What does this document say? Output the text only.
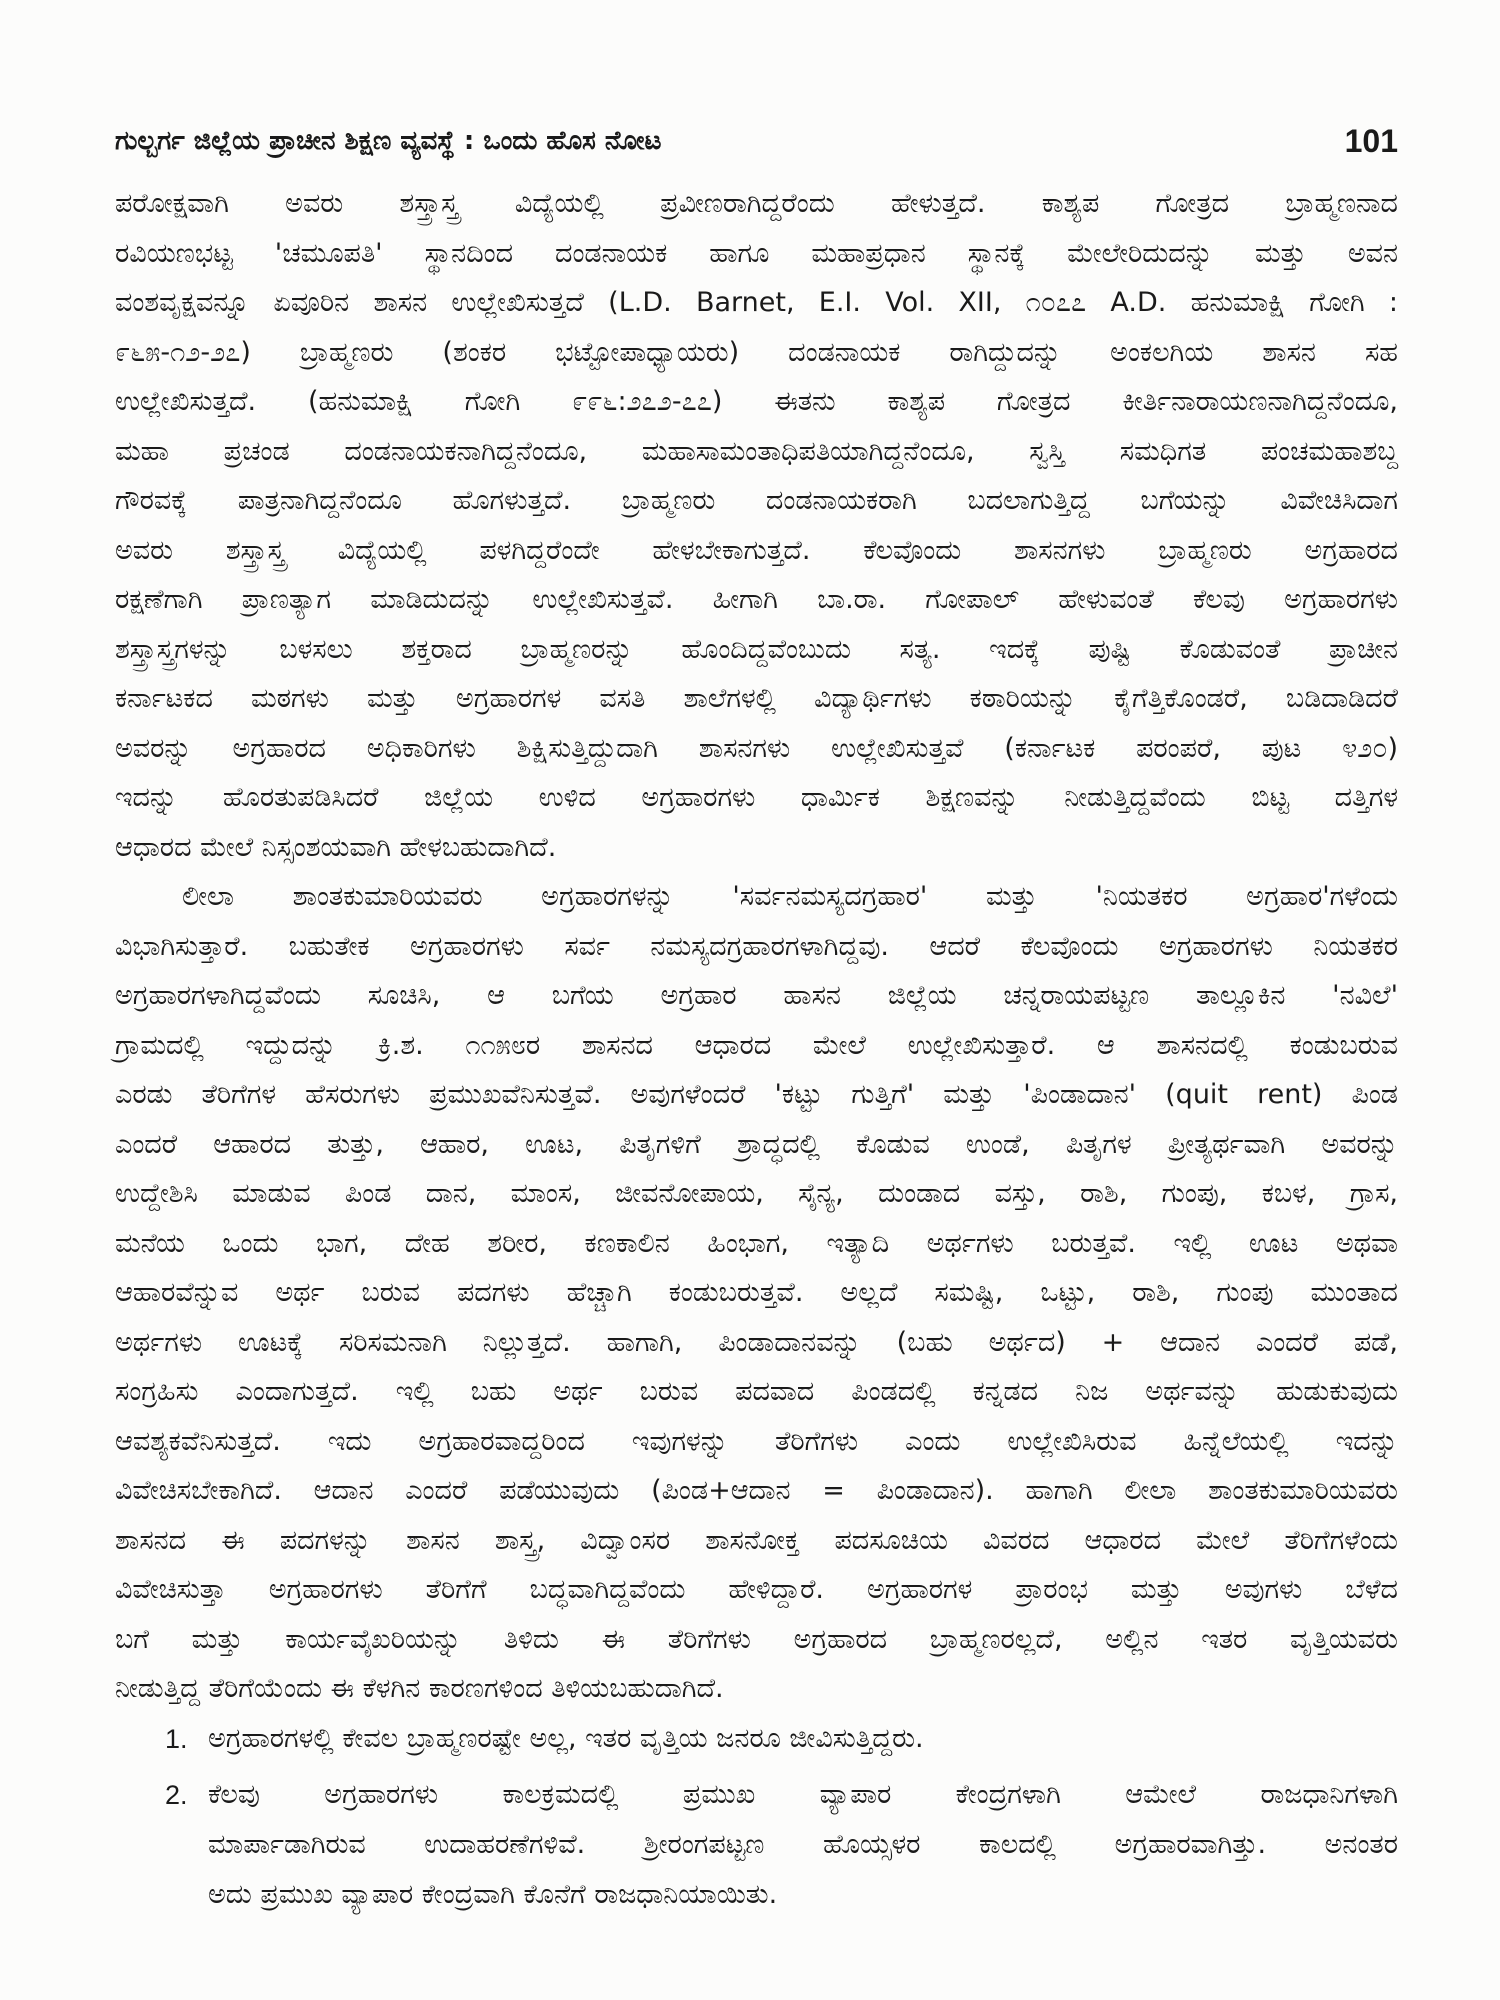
ಗುಲ್ಬರ್ಗ ಜಿಲ್ಲೆಯ ಪ್ರಾಚೀನ ಶಿಕ್ಷಣ ವ್ಯವಸ್ಥೆ : ಒಂದು ಹೊಸ ನೋಟ	101
ಪರೋಕ್ಷವಾಗಿ ಅವರು ಶಸ್ತ್ರಾಸ್ತ್ರ ವಿದ್ಯೆಯಲ್ಲಿ ಪ್ರವೀಣರಾಗಿದ್ದರೆಂದು ಹೇಳುತ್ತದೆ. ಕಾಶ್ಯಪ ಗೋತ್ರದ ಬ್ರಾಹ್ಮಣನಾದ
ರವಿಯಣಭಟ್ಟ 'ಚಮೂಪತಿ' ಸ್ಥಾನದಿಂದ ದಂಡನಾಯಕ ಹಾಗೂ ಮಹಾಪ್ರಧಾನ ಸ್ಥಾನಕ್ಕೆ ಮೇಲೇರಿದುದನ್ನು ಮತ್ತು ಅವನ
ವಂಶವೃಕ್ಷವನ್ನೂ ಏವೂರಿನ ಶಾಸನ ಉಲ್ಲೇಖಿಸುತ್ತದೆ (L.D. Barnet, E.I. Vol. XII, ೧೦೭೭ A.D. ಹನುಮಾಕ್ಷಿ ಗೋಗಿ :
೯೬೫-೧೨-೨೭) ಬ್ರಾಹ್ಮಣರು (ಶಂಕರ ಭಟ್ಟೋಪಾಧ್ಯಾಯರು) ದಂಡನಾಯಕ ರಾಗಿದ್ದುದನ್ನು ಅಂಕಲಗಿಯ ಶಾಸನ ಸಹ
ಉಲ್ಲೇಖಿಸುತ್ತದೆ. (ಹನುಮಾಕ್ಷಿ ಗೋಗಿ ೯೯೬:೨೭೨-೭೭) ಈತನು ಕಾಶ್ಯಪ ಗೋತ್ರದ ಕೀರ್ತಿನಾರಾಯಣನಾಗಿದ್ದನೆಂದೂ,
ಮಹಾ ಪ್ರಚಂಡ ದಂಡನಾಯಕನಾಗಿದ್ದನೆಂದೂ, ಮಹಾಸಾಮಂತಾಧಿಪತಿಯಾಗಿದ್ದನೆಂದೂ, ಸ್ವಸ್ತಿ ಸಮಧಿಗತ ಪಂಚಮಹಾಶಬ್ದ
ಗೌರವಕ್ಕೆ ಪಾತ್ರನಾಗಿದ್ದನೆಂದೂ ಹೊಗಳುತ್ತದೆ. ಬ್ರಾಹ್ಮಣರು ದಂಡನಾಯಕರಾಗಿ ಬದಲಾಗುತ್ತಿದ್ದ ಬಗೆಯನ್ನು ವಿವೇಚಿಸಿದಾಗ
ಅವರು ಶಸ್ತ್ರಾಸ್ತ್ರ ವಿದ್ಯೆಯಲ್ಲಿ ಪಳಗಿದ್ದರೆಂದೇ ಹೇಳಬೇಕಾಗುತ್ತದೆ. ಕೆಲವೊಂದು ಶಾಸನಗಳು ಬ್ರಾಹ್ಮಣರು ಅಗ್ರಹಾರದ
ರಕ್ಷಣೆಗಾಗಿ ಪ್ರಾಣತ್ಯಾಗ ಮಾಡಿದುದನ್ನು ಉಲ್ಲೇಖಿಸುತ್ತವೆ. ಹೀಗಾಗಿ ಬಾ.ರಾ. ಗೋಪಾಲ್ ಹೇಳುವಂತೆ ಕೆಲವು ಅಗ್ರಹಾರಗಳು
ಶಸ್ತ್ರಾಸ್ತ್ರಗಳನ್ನು ಬಳಸಲು ಶಕ್ತರಾದ ಬ್ರಾಹ್ಮಣರನ್ನು ಹೊಂದಿದ್ದವೆಂಬುದು ಸತ್ಯ. ಇದಕ್ಕೆ ಪುಷ್ಟಿ ಕೊಡುವಂತೆ ಪ್ರಾಚೀನ
ಕರ್ನಾಟಕದ ಮಠಗಳು ಮತ್ತು ಅಗ್ರಹಾರಗಳ ವಸತಿ ಶಾಲೆಗಳಲ್ಲಿ ವಿದ್ಯಾರ್ಥಿಗಳು ಕಠಾರಿಯನ್ನು ಕೈಗೆತ್ತಿಕೊಂಡರೆ, ಬಡಿದಾಡಿದರೆ
ಅವರನ್ನು ಅಗ್ರಹಾರದ ಅಧಿಕಾರಿಗಳು ಶಿಕ್ಷಿಸುತ್ತಿದ್ದುದಾಗಿ ಶಾಸನಗಳು ಉಲ್ಲೇಖಿಸುತ್ತವೆ (ಕರ್ನಾಟಕ ಪರಂಪರೆ, ಪುಟ ೪೨೦)
ಇದನ್ನು ಹೊರತುಪಡಿಸಿದರೆ ಜಿಲ್ಲೆಯ ಉಳಿದ ಅಗ್ರಹಾರಗಳು ಧಾರ್ಮಿಕ ಶಿಕ್ಷಣವನ್ನು ನೀಡುತ್ತಿದ್ದವೆಂದು ಬಿಟ್ಟ ದತ್ತಿಗಳ
ಆಧಾರದ ಮೇಲೆ ನಿಸ್ಸಂಶಯವಾಗಿ ಹೇಳಬಹುದಾಗಿದೆ.
ಲೀಲಾ ಶಾಂತಕುಮಾರಿಯವರು ಅಗ್ರಹಾರಗಳನ್ನು 'ಸರ್ವನಮಸ್ಯದಗ್ರಹಾರ' ಮತ್ತು 'ನಿಯತಕರ ಅಗ್ರಹಾರ'ಗಳೆಂದು
ವಿಭಾಗಿಸುತ್ತಾರೆ. ಬಹುತೇಕ ಅಗ್ರಹಾರಗಳು ಸರ್ವ ನಮಸ್ಯದಗ್ರಹಾರಗಳಾಗಿದ್ದವು. ಆದರೆ ಕೆಲವೊಂದು ಅಗ್ರಹಾರಗಳು ನಿಯತಕರ
ಅಗ್ರಹಾರಗಳಾಗಿದ್ದವೆಂದು ಸೂಚಿಸಿ, ಆ ಬಗೆಯ ಅಗ್ರಹಾರ ಹಾಸನ ಜಿಲ್ಲೆಯ ಚನ್ನರಾಯಪಟ್ಟಣ ತಾಲ್ಲೂಕಿನ 'ನವಿಲೆ'
ಗ್ರಾಮದಲ್ಲಿ ಇದ್ದುದನ್ನು ಕ್ರಿ.ಶ. ೧೧೫೮ರ ಶಾಸನದ ಆಧಾರದ ಮೇಲೆ ಉಲ್ಲೇಖಿಸುತ್ತಾರೆ. ಆ ಶಾಸನದಲ್ಲಿ ಕಂಡುಬರುವ
ಎರಡು ತೆರಿಗೆಗಳ ಹೆಸರುಗಳು ಪ್ರಮುಖವೆನಿಸುತ್ತವೆ. ಅವುಗಳೆಂದರೆ 'ಕಟ್ಟು ಗುತ್ತಿಗೆ' ಮತ್ತು 'ಪಿಂಡಾದಾನ' (quit rent) ಪಿಂಡ
ಎಂದರೆ ಆಹಾರದ ತುತ್ತು, ಆಹಾರ, ಊಟ, ಪಿತೃಗಳಿಗೆ ಶ್ರಾದ್ಧದಲ್ಲಿ ಕೊಡುವ ಉಂಡೆ, ಪಿತೃಗಳ ಪ್ರೀತ್ಯರ್ಥವಾಗಿ ಅವರನ್ನು
ಉದ್ದೇಶಿಸಿ ಮಾಡುವ ಪಿಂಡ ದಾನ, ಮಾಂಸ, ಜೀವನೋಪಾಯ, ಸೈನ್ಯ, ದುಂಡಾದ ವಸ್ತು, ರಾಶಿ, ಗುಂಪು, ಕಬಳ, ಗ್ರಾಸ,
ಮನೆಯ ಒಂದು ಭಾಗ, ದೇಹ ಶರೀರ, ಕಣಕಾಲಿನ ಹಿಂಭಾಗ, ಇತ್ಯಾದಿ ಅರ್ಥಗಳು ಬರುತ್ತವೆ. ಇಲ್ಲಿ ಊಟ ಅಥವಾ
ಆಹಾರವೆನ್ನುವ ಅರ್ಥ ಬರುವ ಪದಗಳು ಹೆಚ್ಚಾಗಿ ಕಂಡುಬರುತ್ತವೆ. ಅಲ್ಲದೆ ಸಮಷ್ಟಿ, ಒಟ್ಟು, ರಾಶಿ, ಗುಂಪು ಮುಂತಾದ
ಅರ್ಥಗಳು ಊಟಕ್ಕೆ ಸರಿಸಮನಾಗಿ ನಿಲ್ಲುತ್ತದೆ. ಹಾಗಾಗಿ, ಪಿಂಡಾದಾನವನ್ನು (ಬಹು ಅರ್ಥದ) + ಆದಾನ ಎಂದರೆ ಪಡೆ,
ಸಂಗ್ರಹಿಸು ಎಂದಾಗುತ್ತದೆ. ಇಲ್ಲಿ ಬಹು ಅರ್ಥ ಬರುವ ಪದವಾದ ಪಿಂಡದಲ್ಲಿ ಕನ್ನಡದ ನಿಜ ಅರ್ಥವನ್ನು ಹುಡುಕುವುದು
ಆವಶ್ಯಕವೆನಿಸುತ್ತದೆ. ಇದು ಅಗ್ರಹಾರವಾದ್ದರಿಂದ ಇವುಗಳನ್ನು ತೆರಿಗೆಗಳು ಎಂದು ಉಲ್ಲೇಖಿಸಿರುವ ಹಿನ್ನೆಲೆಯಲ್ಲಿ ಇದನ್ನು
ವಿವೇಚಿಸಬೇಕಾಗಿದೆ. ಆದಾನ ಎಂದರೆ ಪಡೆಯುವುದು (ಪಿಂಡ+ಆದಾನ = ಪಿಂಡಾದಾನ). ಹಾಗಾಗಿ ಲೀಲಾ ಶಾಂತಕುಮಾರಿಯವರು
ಶಾಸನದ ಈ ಪದಗಳನ್ನು ಶಾಸನ ಶಾಸ್ತ್ರ, ವಿದ್ವಾಂಸರ ಶಾಸನೋಕ್ತ ಪದಸೂಚಿಯ ವಿವರದ ಆಧಾರದ ಮೇಲೆ ತೆರಿಗೆಗಳೆಂದು
ವಿವೇಚಿಸುತ್ತಾ ಅಗ್ರಹಾರಗಳು ತೆರಿಗೆಗೆ ಬದ್ಧವಾಗಿದ್ದವೆಂದು ಹೇಳಿದ್ದಾರೆ. ಅಗ್ರಹಾರಗಳ ಪ್ರಾರಂಭ ಮತ್ತು ಅವುಗಳು ಬೆಳೆದ
ಬಗೆ ಮತ್ತು ಕಾರ್ಯವೈಖರಿಯನ್ನು ತಿಳಿದು ಈ ತೆರಿಗೆಗಳು ಅಗ್ರಹಾರದ ಬ್ರಾಹ್ಮಣರಲ್ಲದೆ, ಅಲ್ಲಿನ ಇತರ ವೃತ್ತಿಯವರು
ನೀಡುತ್ತಿದ್ದ ತೆರಿಗೆಯೆಂದು ಈ ಕೆಳಗಿನ ಕಾರಣಗಳಿಂದ ತಿಳಿಯಬಹುದಾಗಿದೆ.
1. ಅಗ್ರಹಾರಗಳಲ್ಲಿ ಕೇವಲ ಬ್ರಾಹ್ಮಣರಷ್ಟೇ ಅಲ್ಲ, ಇತರ ವೃತ್ತಿಯ ಜನರೂ ಜೀವಿಸುತ್ತಿದ್ದರು.
2. ಕೆಲವು ಅಗ್ರಹಾರಗಳು ಕಾಲಕ್ರಮದಲ್ಲಿ ಪ್ರಮುಖ ವ್ಯಾಪಾರ ಕೇಂದ್ರಗಳಾಗಿ ಆಮೇಲೆ ರಾಜಧಾನಿಗಳಾಗಿ
ಮಾರ್ಪಾಡಾಗಿರುವ ಉದಾಹರಣೆಗಳಿವೆ. ಶ್ರೀರಂಗಪಟ್ಟಣ ಹೊಯ್ಸಳರ ಕಾಲದಲ್ಲಿ ಅಗ್ರಹಾರವಾಗಿತ್ತು. ಅನಂತರ
ಅದು ಪ್ರಮುಖ ವ್ಯಾಪಾರ ಕೇಂದ್ರವಾಗಿ ಕೊನೆಗೆ ರಾಜಧಾನಿಯಾಯಿತು.
